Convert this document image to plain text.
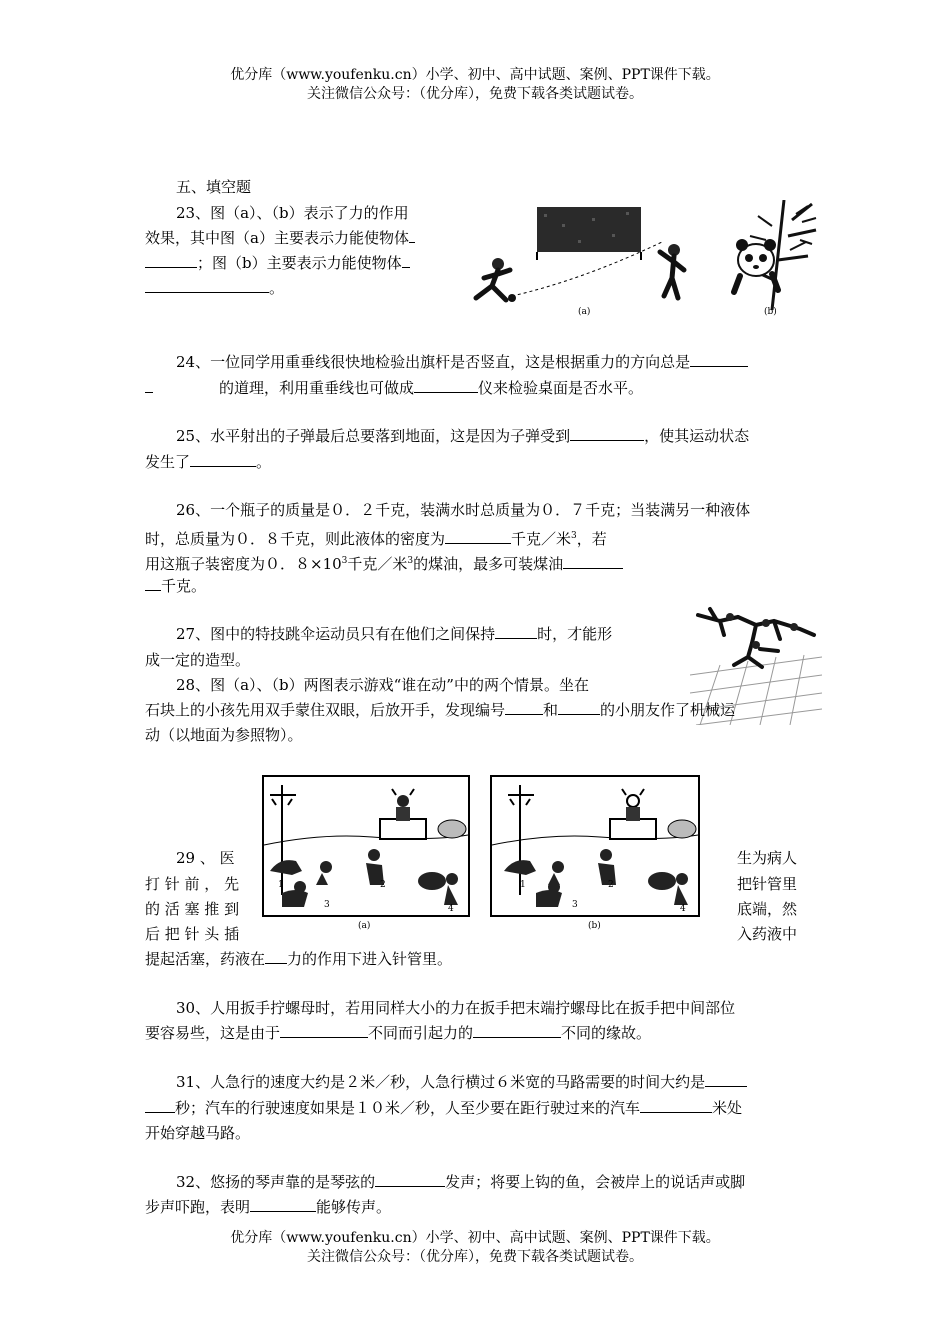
优分库（www.youfenku.cn）小学、初中、高中试题、案例、PPT课件下载。
关注微信公众号：（优分库），免费下载各类试题试卷。
五、填空题
23、图（a）、（b）表示了力的作用
效果，其中图（a）主要表示力能使物体
；图（b）主要表示力能使物体
。
(a)	(b)
24、一位同学用重垂线很快地检验出旗杆是否竖直，这是根据重力的方向总是
的道理，利用重垂线也可做成	仪来检验桌面是否水平。
25、水平射出的子弹最后总要落到地面，这是因为子弹受到	，使其运动状态
发生了	。
26、一个瓶子的质量是０．２千克，装满水时总质量为０．７千克；当装满另一种液体
时，总质量为０．８千克，则此液体的密度为	千克／米$^3$，若
用这瓶子装密度为０．$8\times 10^3$千克／米$^3$的煤油，最多可装煤油
千克。
27、图中的特技跳伞运动员只有在他们之间保持	时，才能形
成一定的造型。
28、图（a）、（b）两图表示游戏“谁在动”中的两个情景。坐在
石块上的小孩先用双手蒙住双眼，后放开手，发现编号	和	的小朋友作了机械运
动（以地面为参照物）。
1	2
3	4
(a)
1	2
3	4
(b)
29 、 医
打 针 前 ， 先
的 活 塞 推 到
后 把 针 头 插
生为病人
把针管里
底端，然
入药液中
提起活塞，药液在 力的作用下进入针管里。
30、人用扳手拧螺母时，若用同样大小的力在扳手把末端拧螺母比在扳手把中间部位
要容易些，这是由于	不同而引起力的	不同的缘故。
31、人急行的速度大约是２米／秒，人急行横过６米宽的马路需要的时间大约是
秒；汽车的行驶速度如果是１０米／秒，人至少要在距行驶过来的汽车	米处
开始穿越马路。
32、悠扬的琴声靠的是琴弦的	发声；将要上钩的鱼，会被岸上的说话声或脚
步声吓跑，表明	能够传声。
优分库（www.youfenku.cn）小学、初中、高中试题、案例、PPT课件下载。
关注微信公众号：（优分库），免费下载各类试题试卷。
